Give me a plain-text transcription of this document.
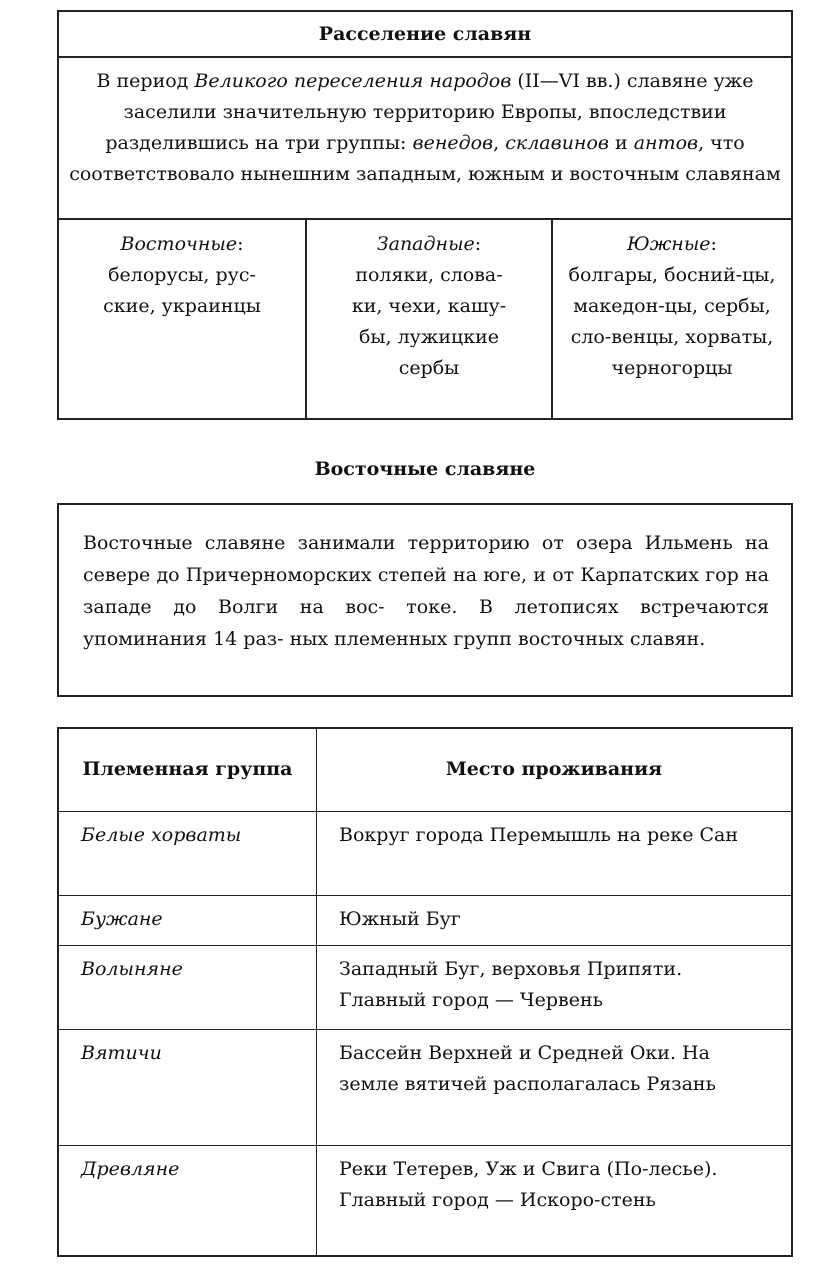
Расселение славян
В период Великого переселения народов (II—VI вв.) славяне уже заселили значительную территорию Европы, впоследствии разделившись на три группы: венедов, склавинов и антов, что соответствовало нынешним западным, южным и восточным славянам
Восточные:
белорусы, рус-ские, украинцы
Западные:
поляки, слова-ки, чехи, кашу-бы, лужицкие сербы
Южные:
болгары, босний-цы, македон-цы, сербы, сло-венцы, хорваты, черногорцы
Восточные славяне
Восточные славяне занимали территорию от озера Ильмень на севере до Причерноморских степей на юге, и от Карпатских гор на западе до Волги на вос- токе. В летописях встречаются упоминания 14 раз- ных племенных групп восточных славян.
Племенная группа	Место проживания
Белые хорваты	Вокруг города Перемышль на реке Сан
Бужане	Южный Буг
Волыняне	Западный Буг, верховья Припяти. Главный город — Червень
Вятичи	Бассейн Верхней и Средней Оки. На земле вятичей располагалась Рязань
Древляне	Реки Тетерев, Уж и Свига (По-лесье). Главный город — Искоро-стень
